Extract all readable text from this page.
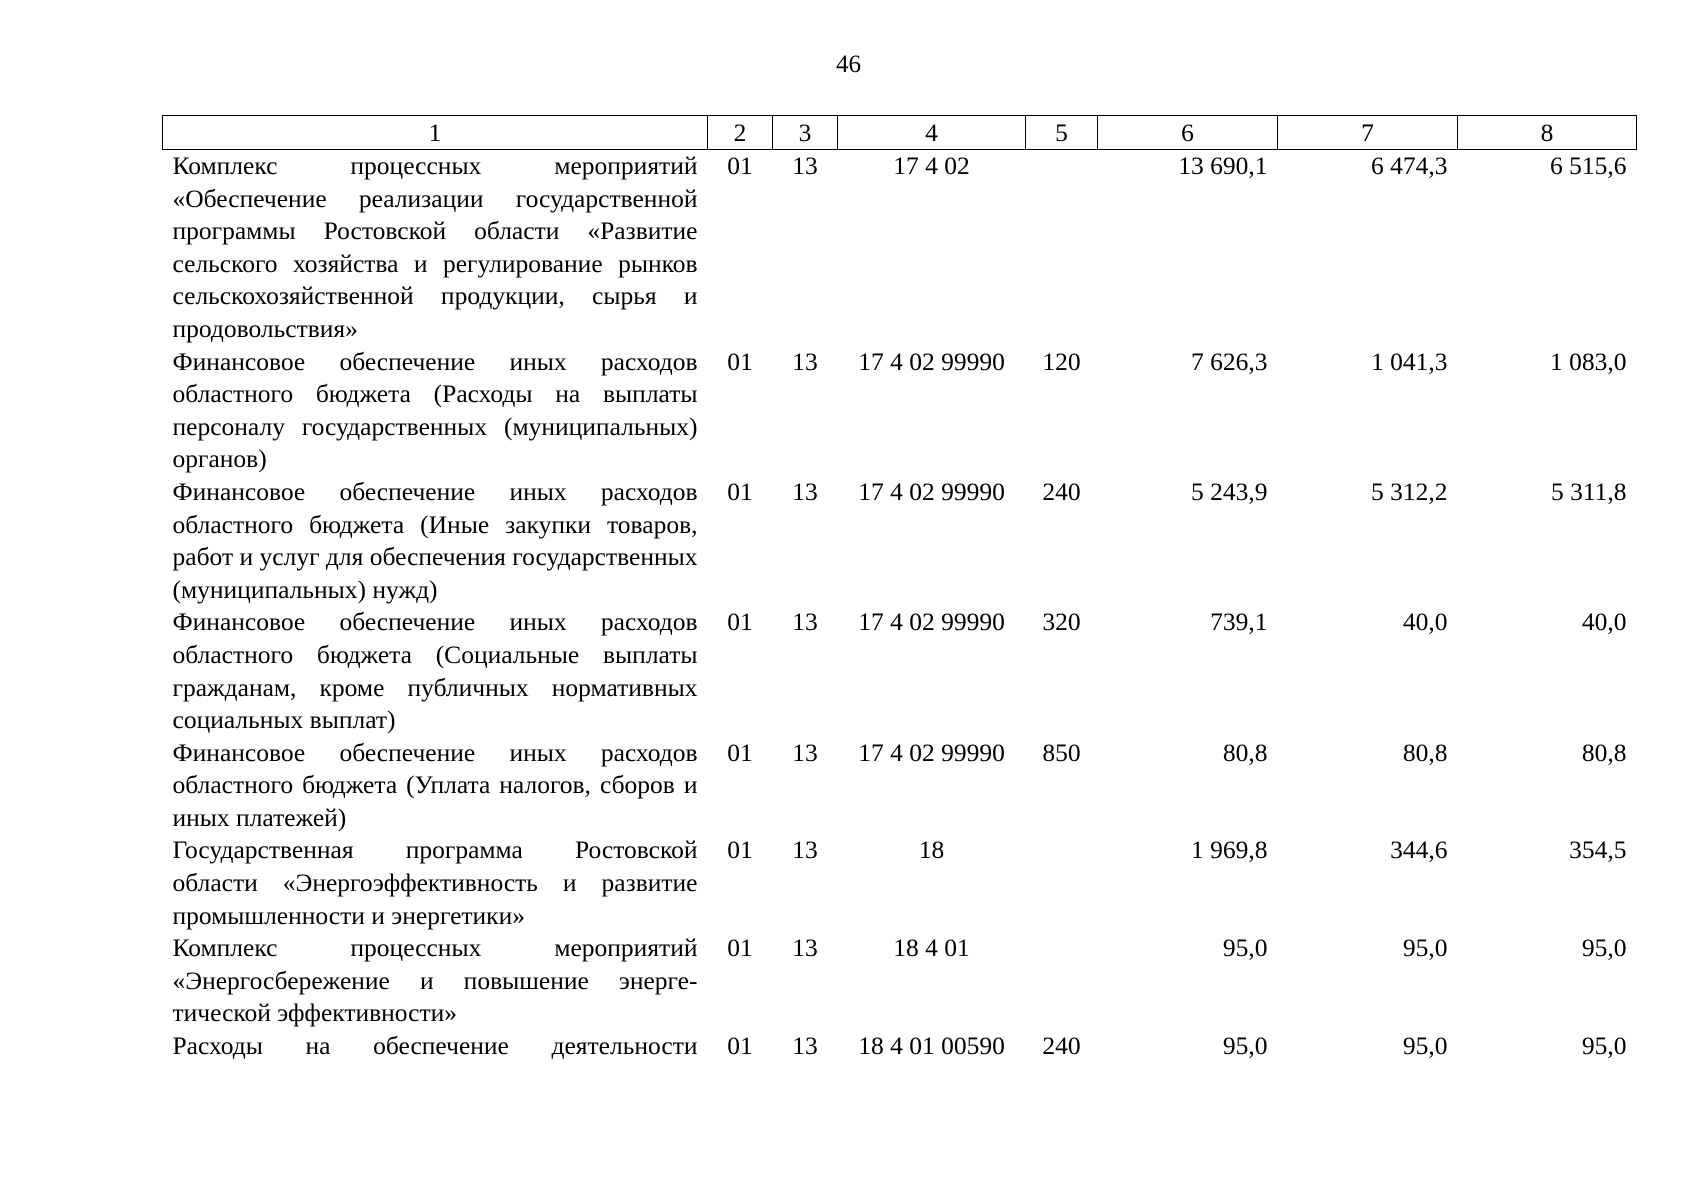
46
1	2	3	4	5	6	7	8
Комплекс процессных мероприятий «Обеспечение реализации государственной программы Ростовской области «Развитие сельского хозяйства и регулирование рынков сельскохозяйственной продукции, сырья и продовольствия»	01	13	17 4 02		13 690,1	6 474,3	6 515,6
Финансовое обеспечение иных расходов областного бюджета (Расходы на выплаты персоналу государственных (муниципальных) органов)	01	13	17 4 02 99990	120	7 626,3	1 041,3	1 083,0
Финансовое обеспечение иных расходов областного бюджета (Иные закупки товаров, работ и услуг для обеспечения государственных (муниципальных) нужд)	01	13	17 4 02 99990	240	5 243,9	5 312,2	5 311,8
Финансовое обеспечение иных расходов областного бюджета (Социальные выплаты гражданам, кроме публичных нормативных социальных выплат)	01	13	17 4 02 99990	320	739,1	40,0	40,0
Финансовое обеспечение иных расходов областного бюджета (Уплата налогов, сборов и иных платежей)	01	13	17 4 02 99990	850	80,8	80,8	80,8
Государственная программа Ростовской области «Энергоэффективность и развитие промышленности и энергетики»	01	13	18		1 969,8	344,6	354,5
Комплекс процессных мероприятий «Энергосбережение и повышение энергетической эффективности»	01	13	18 4 01		95,0	95,0	95,0
Расходы на обеспечение деятельности	01	13	18 4 01 00590	240	95,0	95,0	95,0
